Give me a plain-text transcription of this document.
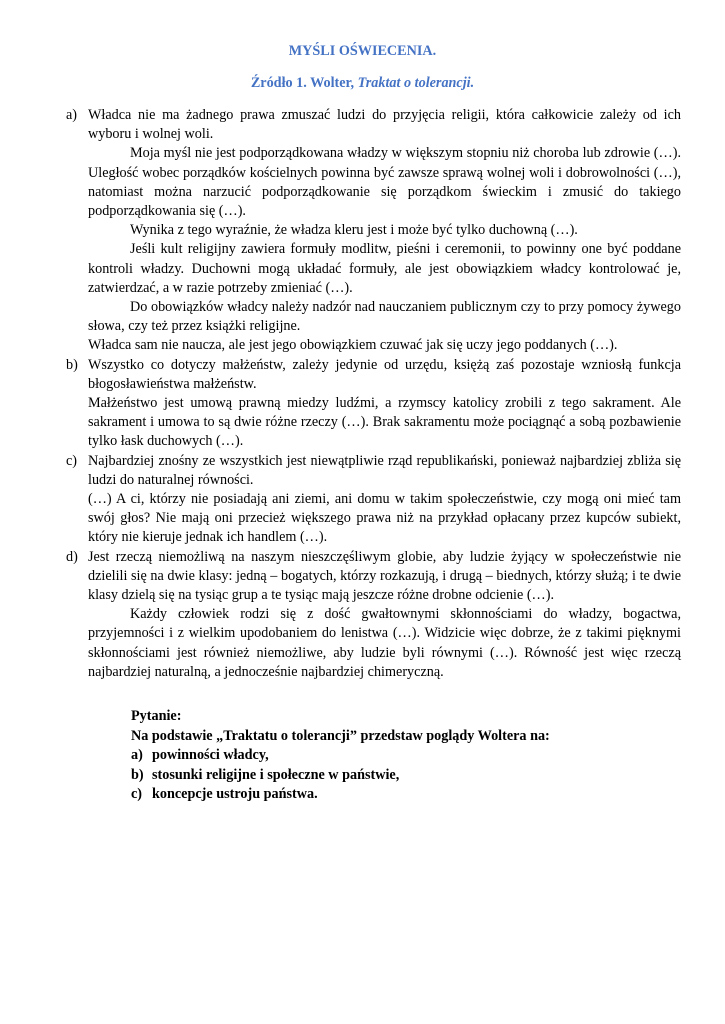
MYŚLI OŚWIECENIA.
Źródło 1. Wolter, Traktat o tolerancji.
a) Władca nie ma żadnego prawa zmuszać ludzi do przyjęcia religii, która całkowicie zależy od ich wyboru i wolnej woli.

Moja myśl nie jest podporządkowana władzy w większym stopniu niż choroba lub zdrowie (…). Uległość wobec porządków kościelnych powinna być zawsze sprawą wolnej woli i dobrowolności (…), natomiast można narzucić podporządkowanie się porządkom świeckim i zmusić do takiego podporządkowania się (…).

Wynika z tego wyraźnie, że władza kleru jest i może być tylko duchowną (…).

Jeśli kult religijny zawiera formuły modlitw, pieśni i ceremonii, to powinny one być poddane kontroli władzy. Duchowni mogą układać formuły, ale jest obowiązkiem władcy kontrolować je, zatwierdzać, a w razie potrzeby zmieniać (…).

Do obowiązków władcy należy nadzór nad nauczaniem publicznym czy to przy pomocy żywego słowa, czy też przez książki religijne.

Władca sam nie naucza, ale jest jego obowiązkiem czuwać jak się uczy jego poddanych (…).

b) Wszystko co dotyczy małżeństw, zależy jedynie od urzędu, księżą zaś pozostaje wzniosłą funkcja błogosławieństwa małżeństw.

Małżeństwo jest umową prawną miedzy ludźmi, a rzymscy katolicy zrobili z tego sakrament. Ale sakrament i umowa to są dwie różne rzeczy (…). Brak sakramentu może pociągnąć a sobą pozbawienie tylko łask duchowych (…).

c) Najbardziej znośny ze wszystkich jest niewątpliwie rząd republikański, ponieważ najbardziej zbliża się ludzi do naturalnej równości.

(…) A ci, którzy nie posiadają ani ziemi, ani domu w takim społeczeństwie, czy mogą oni mieć tam swój głos? Nie mają oni przecież większego prawa niż na przykład opłacany przez kupców subiekt, który nie kieruje jednak ich handlem (…).

d) Jest rzeczą niemożliwą na naszym nieszczęśliwym globie, aby ludzie żyjący w społeczeństwie nie dzielili się na dwie klasy: jedną – bogatych, którzy rozkazują, i drugą – biednych, którzy służą; i te dwie klasy dzielą się na tysiąc grup a te tysiąc mają jeszcze różne drobne odcienie (…).

Każdy człowiek rodzi się z dość gwałtownymi skłonnościami do władzy, bogactwa, przyjemności i z wielkim upodobaniem do lenistwa (…). Widzicie więc dobrze, że z takimi pięknymi skłonnościami jest również niemożliwe, aby ludzie byli równymi (…). Równość jest więc rzeczą najbardziej naturalną, a jednocześnie najbardziej chimeryczną.

Pytanie:

Na podstawie „Traktatu o tolerancji” przedstaw poglądy Woltera na:

a) powinności władcy,
b) stosunki religijne i społeczne w państwie,
c) koncepcje ustroju państwa.
